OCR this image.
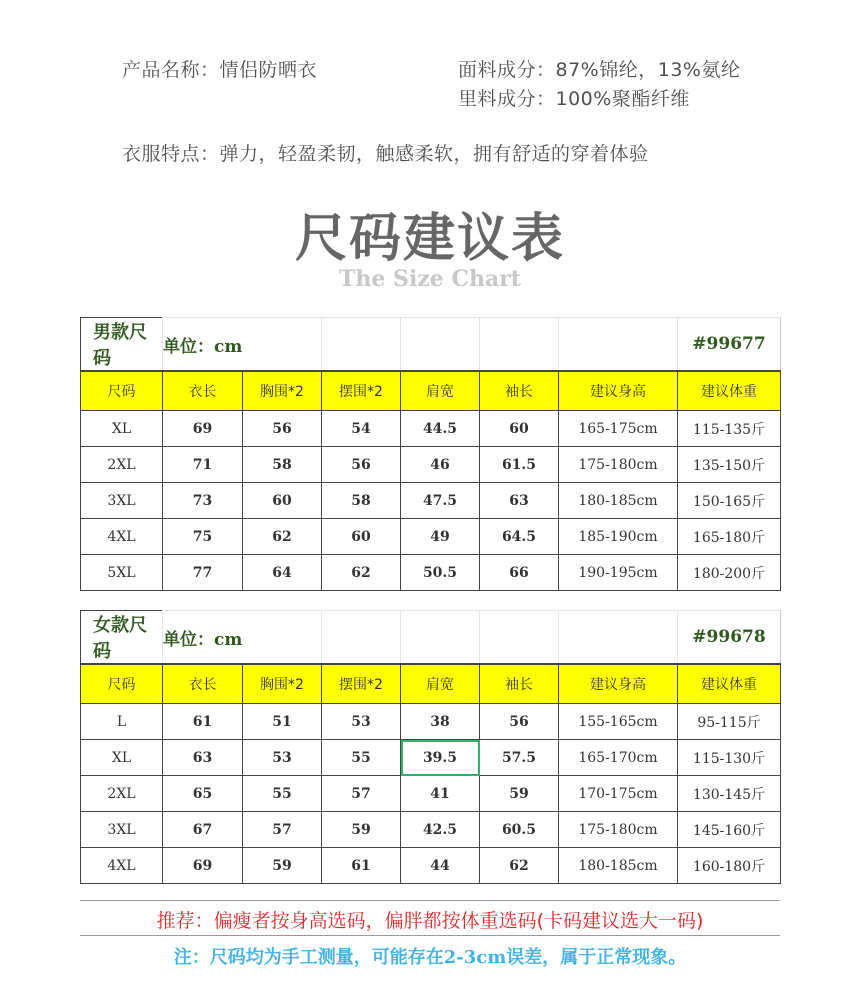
产品名称：情侣防晒衣	面料成分：87%锦纶，13%氨纶
里料成分：100%聚酯纤维
衣服特点：弹力，轻盈柔韧，触感柔软，拥有舒适的穿着体验
尺码建议表
The Size Chart
男款尺码	单位：cm						#99677
尺码	衣长	胸围*2	摆围*2	肩宽	袖长	建议身高	建议体重
XL	69	56	54	44.5	60	165-175cm	115-135斤
2XL	71	58	56	46	61.5	175-180cm	135-150斤
3XL	73	60	58	47.5	63	180-185cm	150-165斤
4XL	75	62	60	49	64.5	185-190cm	165-180斤
5XL	77	64	62	50.5	66	190-195cm	180-200斤
女款尺码	单位：cm						#99678
尺码	衣长	胸围*2	摆围*2	肩宽	袖长	建议身高	建议体重
L	61	51	53	38	56	155-165cm	95-115斤
XL	63	53	55	39.5	57.5	165-170cm	115-130斤
2XL	65	55	57	41	59	170-175cm	130-145斤
3XL	67	57	59	42.5	60.5	175-180cm	145-160斤
4XL	69	59	61	44	62	180-185cm	160-180斤
推荐：偏瘦者按身高选码，偏胖都按体重选码(卡码建议选大一码)
注：尺码均为手工测量，可能存在2-3cm误差，属于正常现象。
